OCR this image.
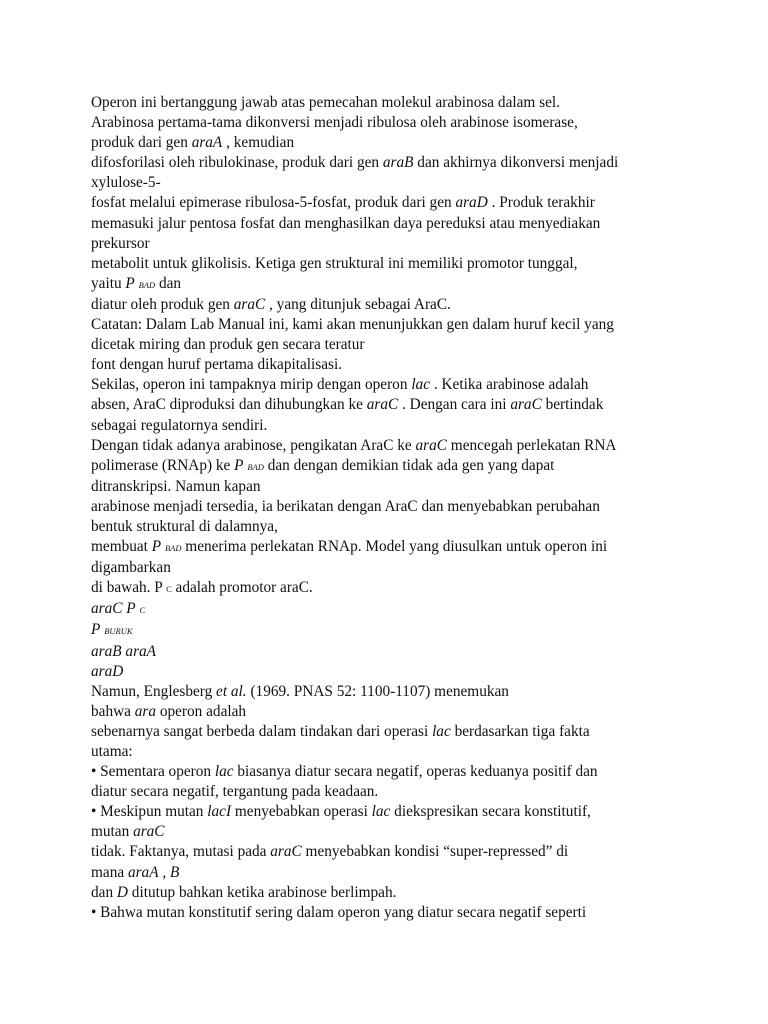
Operon ini bertanggung jawab atas pemecahan molekul arabinosa dalam sel.
Arabinosa pertama-tama dikonversi menjadi ribulosa oleh arabinose isomerase,
produk dari gen araA , kemudian
difosforilasi oleh ribulokinase, produk dari gen araB dan akhirnya dikonversi menjadi
xylulose-5-
fosfat melalui epimerase ribulosa-5-fosfat, produk dari gen araD . Produk terakhir
memasuki jalur pentosa fosfat dan menghasilkan daya pereduksi atau menyediakan
prekursor
metabolit untuk glikolisis. Ketiga gen struktural ini memiliki promotor tunggal,
yaitu P BAD dan
diatur oleh produk gen araC , yang ditunjuk sebagai AraC.
Catatan: Dalam Lab Manual ini, kami akan menunjukkan gen dalam huruf kecil yang
dicetak miring dan produk gen secara teratur
font dengan huruf pertama dikapitalisasi.
Sekilas, operon ini tampaknya mirip dengan operon lac . Ketika arabinose adalah
absen, AraC diproduksi dan dihubungkan ke araC . Dengan cara ini araC bertindak
sebagai regulatornya sendiri.
Dengan tidak adanya arabinose, pengikatan AraC ke araC mencegah perlekatan RNA
polimerase (RNAp) ke P BAD dan dengan demikian tidak ada gen yang dapat
ditranskripsi. Namun kapan
arabinose menjadi tersedia, ia berikatan dengan AraC dan menyebabkan perubahan
bentuk struktural di dalamnya,
membuat P BAD menerima perlekatan RNAp. Model yang diusulkan untuk operon ini
digambarkan
di bawah. P C adalah promotor araC.
araC P C
P BURUK
araB araA
araD
Namun, Englesberg et al. (1969. PNAS 52: 1100-1107) menemukan
bahwa ara operon adalah
sebenarnya sangat berbeda dalam tindakan dari operasi lac berdasarkan tiga fakta
utama:
• Sementara operon lac biasanya diatur secara negatif, operas keduanya positif dan
diatur secara negatif, tergantung pada keadaan.
• Meskipun mutan lacI menyebabkan operasi lac diekspresikan secara konstitutif,
mutan araC
tidak. Faktanya, mutasi pada araC menyebabkan kondisi “super-repressed” di
mana araA , B
dan D ditutup bahkan ketika arabinose berlimpah.
• Bahwa mutan konstitutif sering dalam operon yang diatur secara negatif seperti
